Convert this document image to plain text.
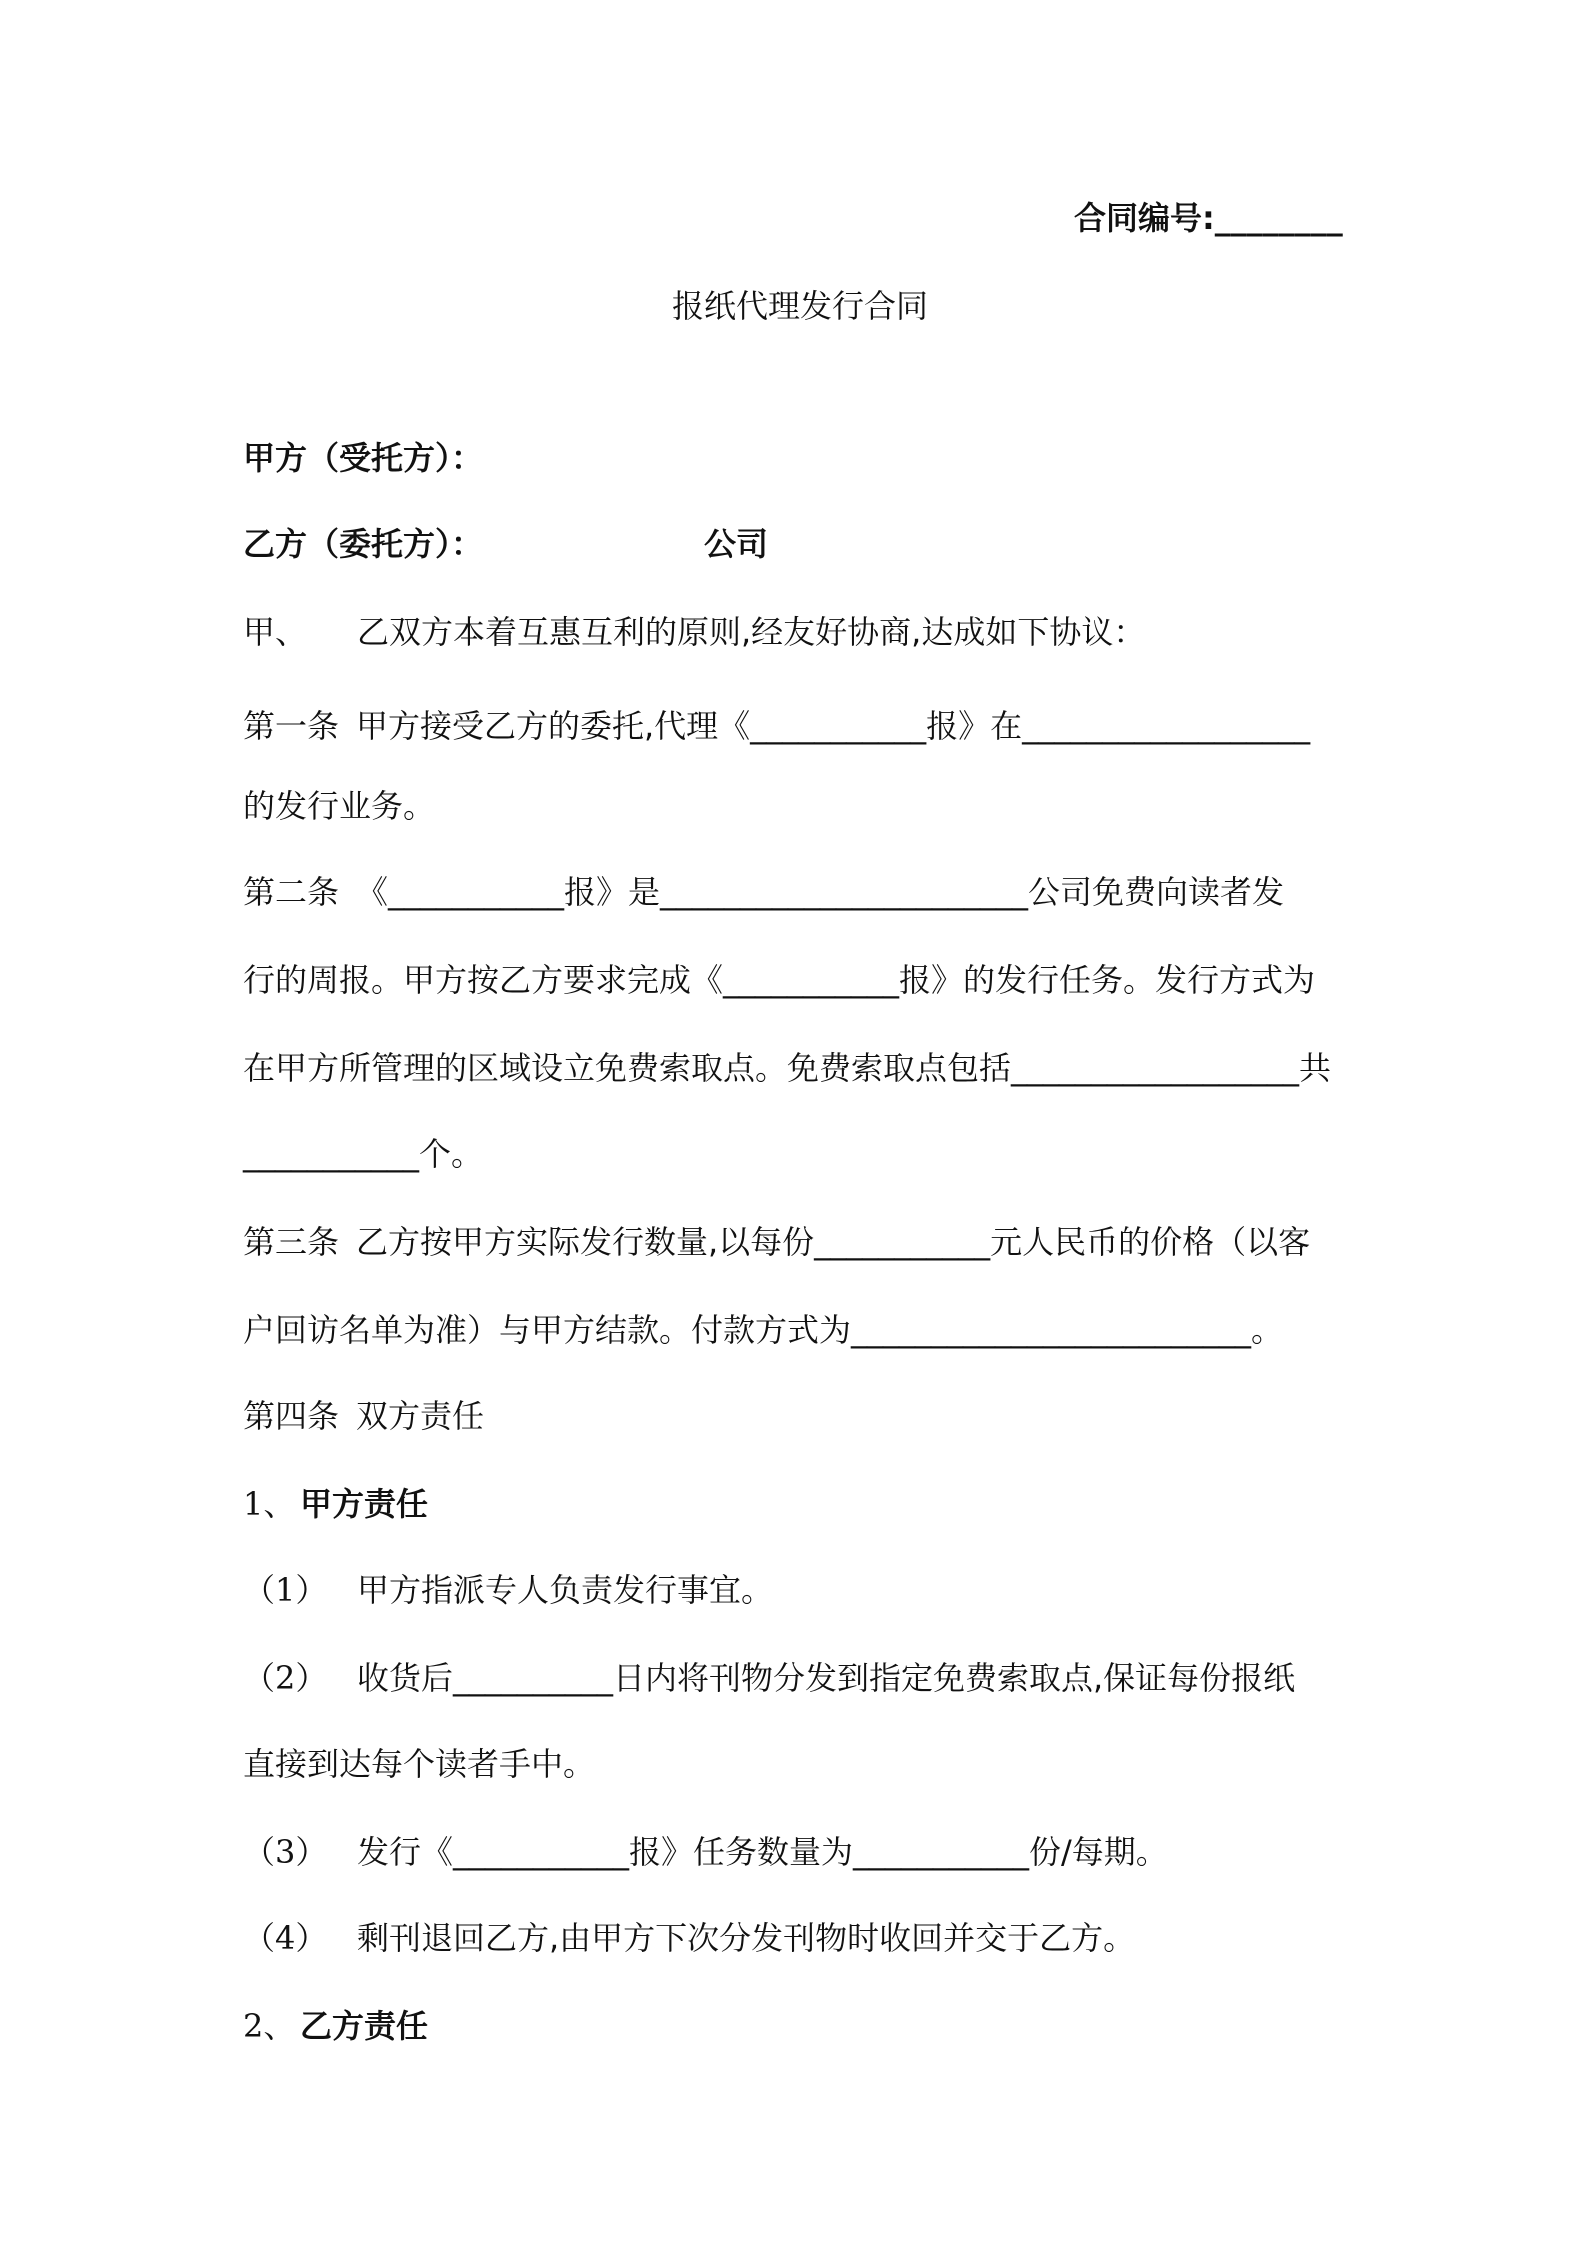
合同编号:________
报纸代理发行合同
甲方（受托方）：
乙方（委托方）：	公司
甲、 乙双方本着互惠互利的原则,经友好协商,达成如下协议：
第一条 甲方接受乙方的委托,代理《___________报》在__________________
的发行业务。
第二条 《___________报》是_______________________公司免费向读者发
行的周报。甲方按乙方要求完成《___________报》的发行任务。发行方式为
在甲方所管理的区域设立免费索取点。免费索取点包括__________________共
___________个。
第三条 乙方按甲方实际发行数量,以每份___________元人民币的价格（以客
户回访名单为准）与甲方结款。付款方式为_________________________。
第四条 双方责任
1、 甲方责任
（1） 甲方指派专人负责发行事宜。
（2） 收货后__________日内将刊物分发到指定免费索取点,保证每份报纸
直接到达每个读者手中。
（3） 发行《___________报》任务数量为___________份/每期。
（4） 剩刊退回乙方,由甲方下次分发刊物时收回并交于乙方。
2、 乙方责任
